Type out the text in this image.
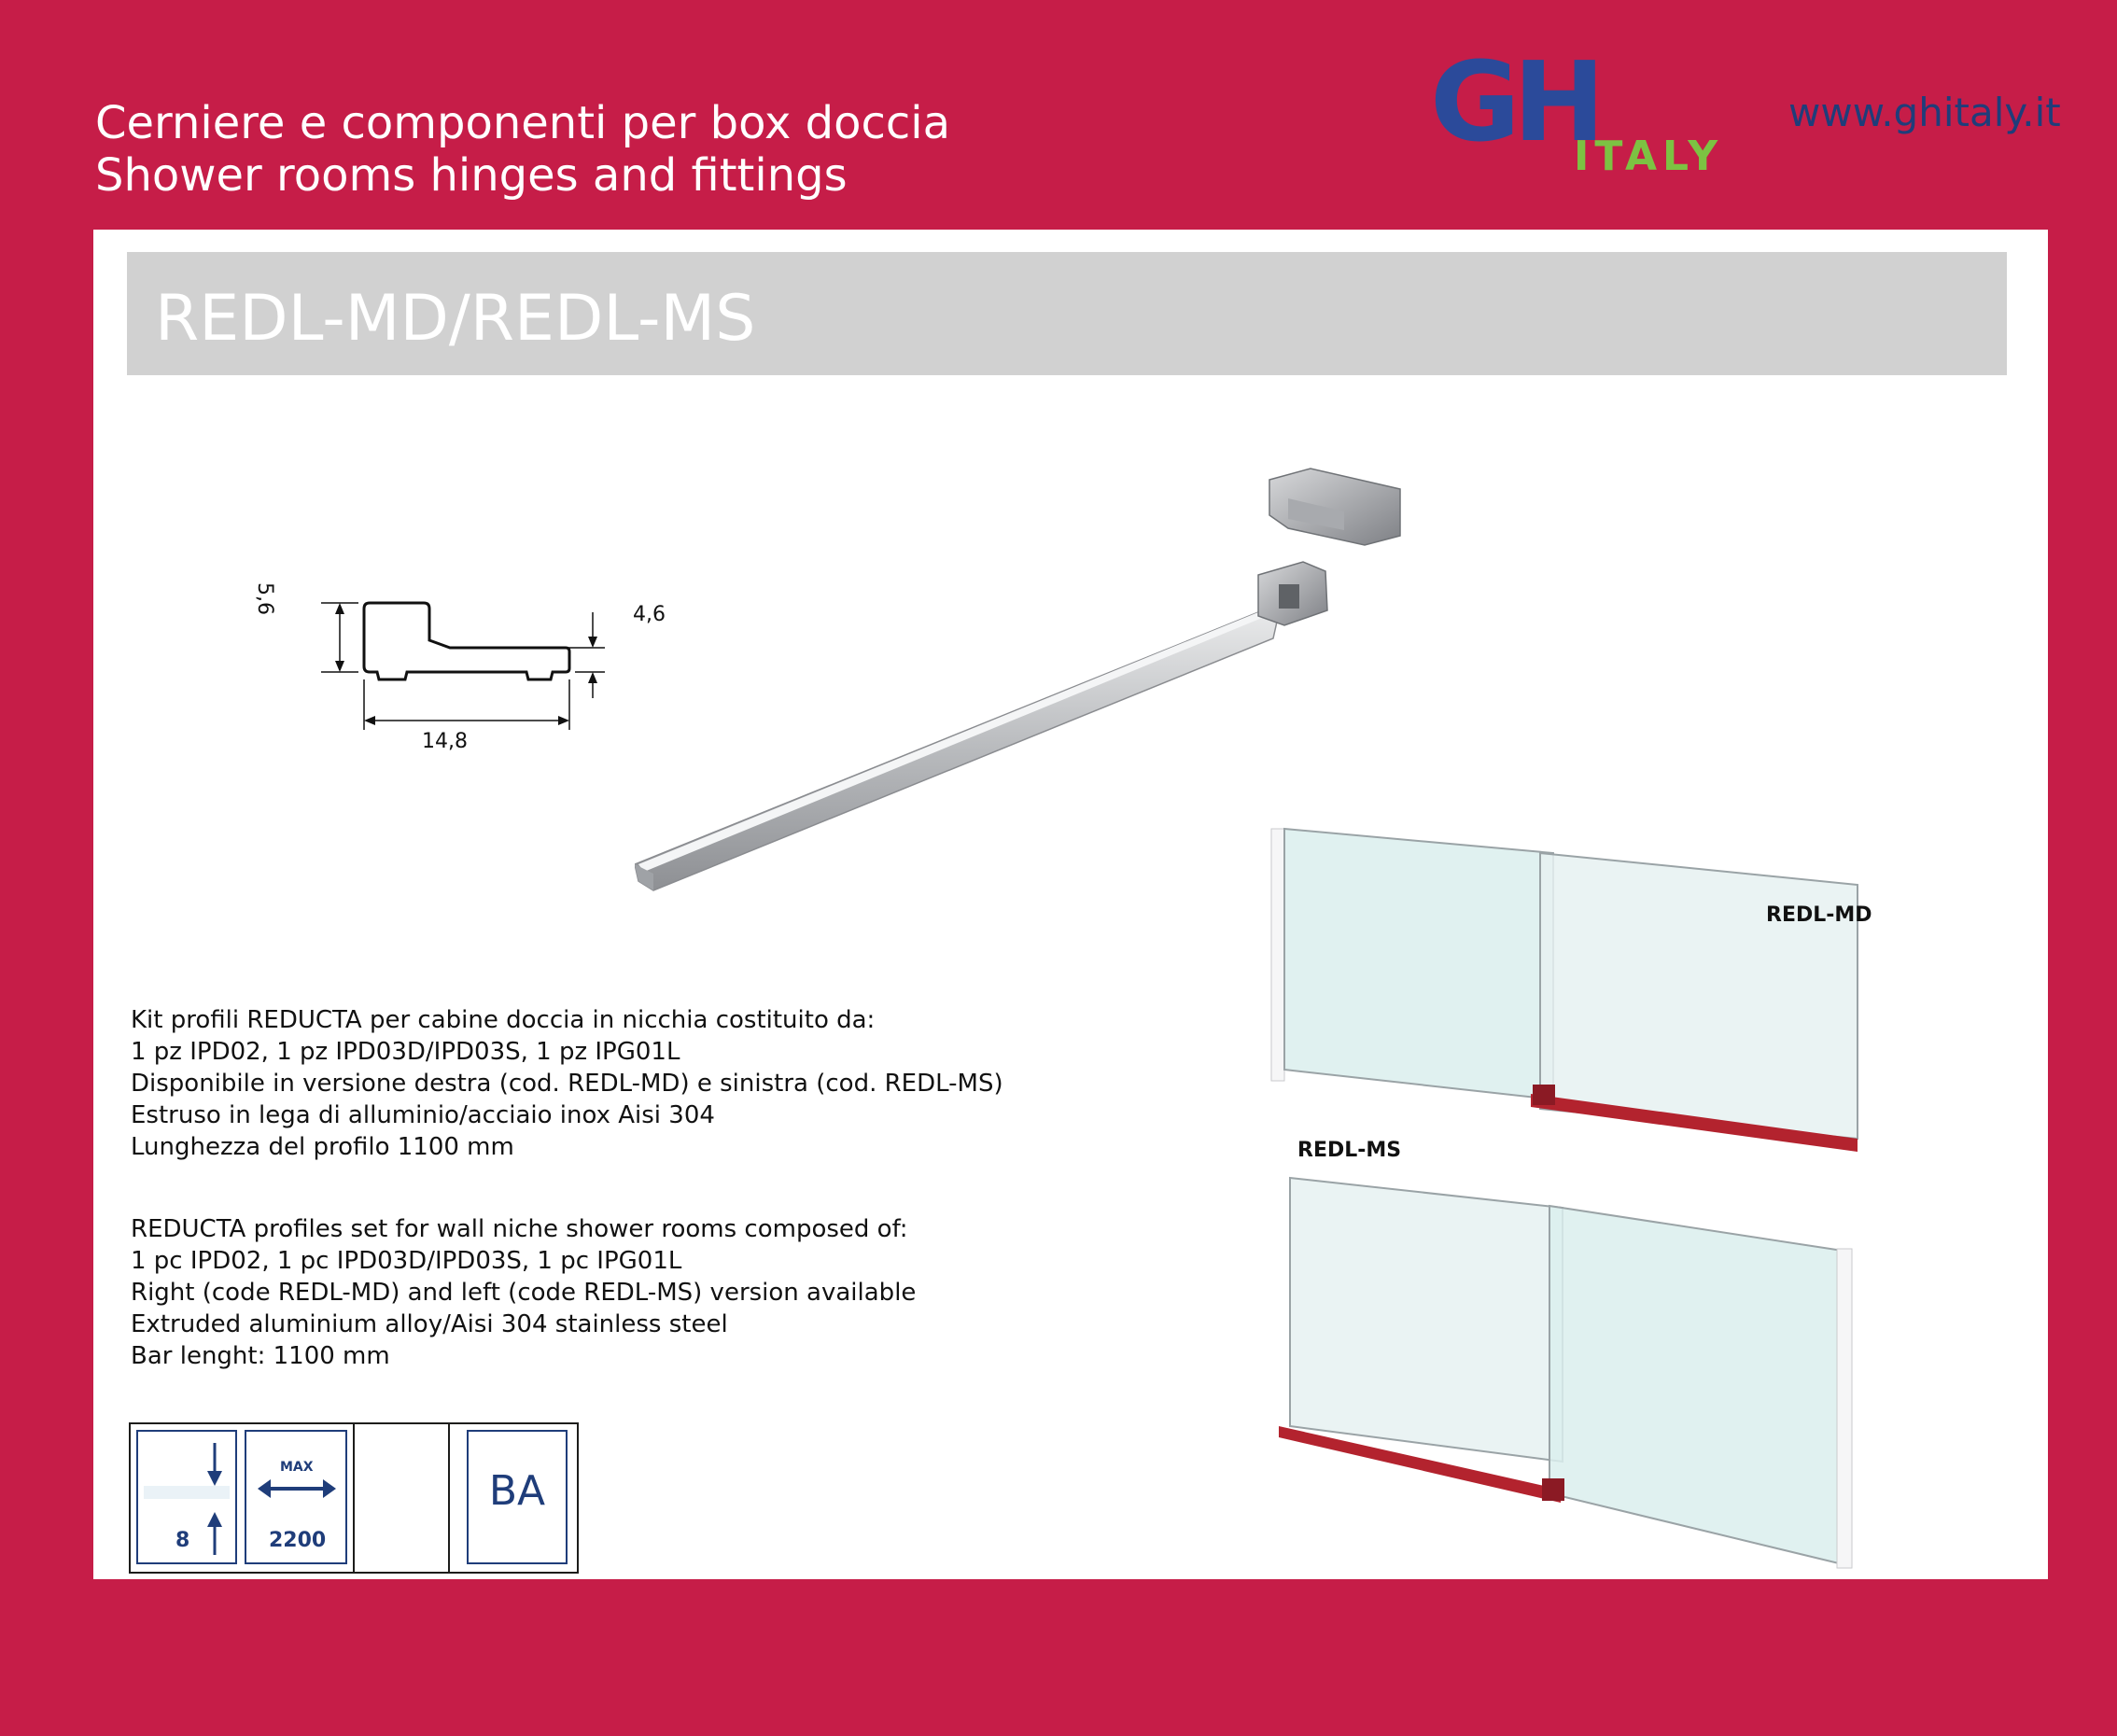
Cerniere e componenti per box doccia
Shower rooms hinges and fittings
GH
ITALY
www.ghitaly.it
REDL-MD/REDL-MS
5,6	4,6
14,8
Kit profili REDUCTA per cabine doccia in nicchia costituito da:
1 pz IPD02, 1 pz IPD03D/IPD03S, 1 pz IPG01L
Disponibile in versione destra (cod. REDL-MD) e sinistra (cod. REDL-MS)
Estruso in lega di alluminio/acciaio inox Aisi 304
Lunghezza del profilo 1100 mm
REDUCTA profiles set for wall niche shower rooms composed of:
1 pc IPD02, 1 pc IPD03D/IPD03S, 1 pc IPG01L
Right (code REDL-MD) and left (code REDL-MS) version available
Extruded aluminium alloy/Aisi 304 stainless steel
Bar lenght: 1100 mm
REDL-MD
REDL-MS
8
MAX
2200
BA
